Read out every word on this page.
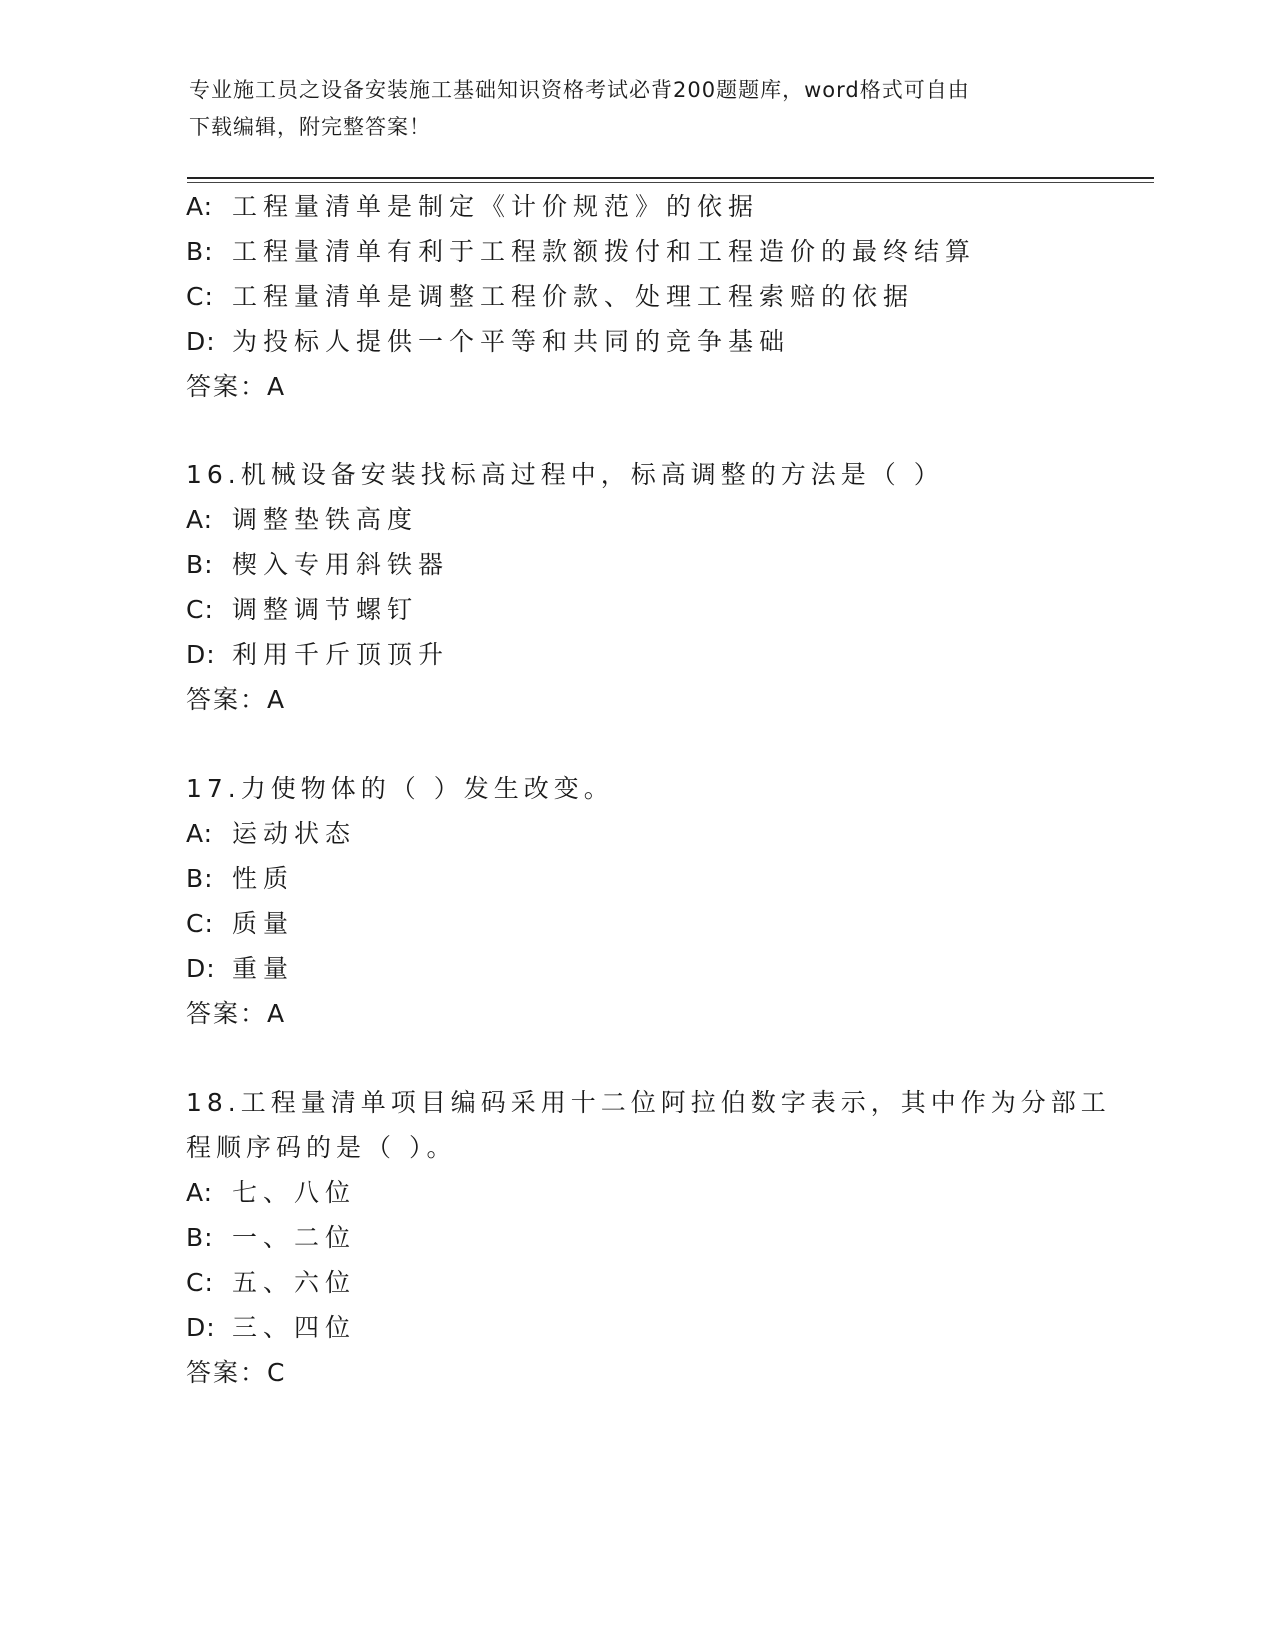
专业施工员之设备安装施工基础知识资格考试必背200题题库，word格式可自由
下载编辑，附完整答案！
A: 工程量清单是制定《计价规范》的依据
B: 工程量清单有利于工程款额拨付和工程造价的最终结算
C: 工程量清单是调整工程价款、处理工程索赔的依据
D: 为投标人提供一个平等和共同的竞争基础
答案：A
16.机械设备安装找标高过程中，标高调整的方法是（ ）
A: 调整垫铁高度
B: 楔入专用斜铁器
C: 调整调节螺钉
D: 利用千斤顶顶升
答案：A
17.力使物体的（ ）发生改变。
A: 运动状态
B: 性质
C: 质量
D: 重量
答案：A
18.工程量清单项目编码采用十二位阿拉伯数字表示，其中作为分部工
程顺序码的是（ ）。
A: 七、八位
B: 一、二位
C: 五、六位
D: 三、四位
答案：C
